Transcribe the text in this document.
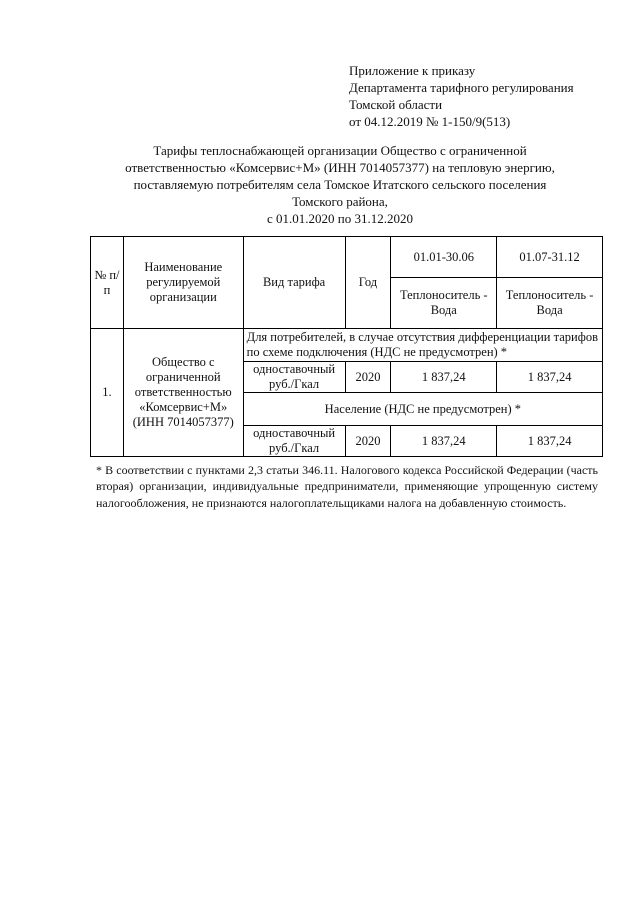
Приложение к приказу
Департамента тарифного регулирования
Томской области
от 04.12.2019 № 1-150/9(513)
Тарифы теплоснабжающей организации Общество с ограниченной
ответственностью «Комсервис+М» (ИНН 7014057377) на тепловую энергию,
поставляемую потребителям села Томское Итатского сельского поселения
Томского района,
с 01.01.2020 по 31.12.2020
№ п/п	Наименование регулируемой организации	Вид тарифа	Год	01.01-30.06	01.07-31.12
				Теплоноситель - Вода	Теплоноситель - Вода
1.	Общество с ограниченной ответственностью «Комсервис+М» (ИНН 7014057377)	Для потребителей, в случае отсутствия дифференциации тарифов по схеме подключения (НДС не предусмотрен) *			
		одноставочный руб./Гкал	2020	1 837,24	1 837,24
		Население (НДС не предусмотрен) *			
		одноставочный руб./Гкал	2020	1 837,24	1 837,24
* В соответствии с пунктами 2,3 статьи 346.11. Налогового кодекса Российской Федерации (часть вторая) организации, индивидуальные предприниматели, применяющие упрощенную систему налогообложения, не признаются налогоплательщиками налога на добавленную стоимость.
